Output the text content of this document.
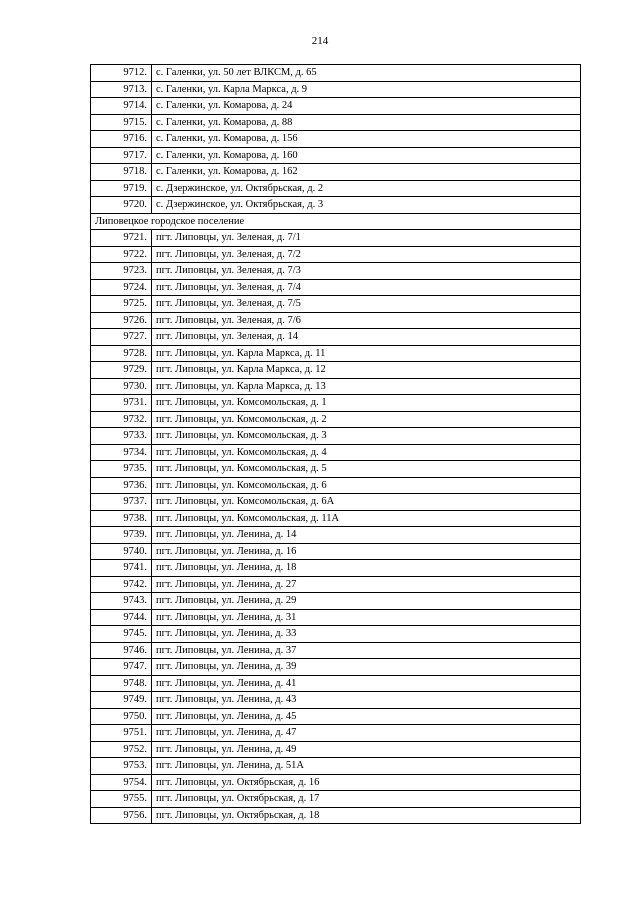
214
9712.	с. Галенки, ул. 50 лет ВЛКСМ, д. 65
9713.	с. Галенки, ул. Карла Маркса, д. 9
9714.	с. Галенки, ул. Комарова, д. 24
9715.	с. Галенки, ул. Комарова, д. 88
9716.	с. Галенки, ул. Комарова, д. 156
9717.	с. Галенки, ул. Комарова, д. 160
9718.	с. Галенки, ул. Комарова, д. 162
9719.	с. Дзержинское, ул. Октябрьская, д. 2
9720.	с. Дзержинское, ул. Октябрьская, д. 3
Липовецкое городское поселение	
9721.	пгт. Липовцы, ул. Зеленая, д. 7/1
9722.	пгт. Липовцы, ул. Зеленая, д. 7/2
9723.	пгт. Липовцы, ул. Зеленая, д. 7/3
9724.	пгт. Липовцы, ул. Зеленая, д. 7/4
9725.	пгт. Липовцы, ул. Зеленая, д. 7/5
9726.	пгт. Липовцы, ул. Зеленая, д. 7/6
9727.	пгт. Липовцы, ул. Зеленая, д. 14
9728.	пгт. Липовцы, ул. Карла Маркса, д. 11
9729.	пгт. Липовцы, ул. Карла Маркса, д. 12
9730.	пгт. Липовцы, ул. Карла Маркса, д. 13
9731.	пгт. Липовцы, ул. Комсомольская, д. 1
9732.	пгт. Липовцы, ул. Комсомольская, д. 2
9733.	пгт. Липовцы, ул. Комсомольская, д. 3
9734.	пгт. Липовцы, ул. Комсомольская, д. 4
9735.	пгт. Липовцы, ул. Комсомольская, д. 5
9736.	пгт. Липовцы, ул. Комсомольская, д. 6
9737.	пгт. Липовцы, ул. Комсомольская, д. 6А
9738.	пгт. Липовцы, ул. Комсомольская, д. 11А
9739.	пгт. Липовцы, ул. Ленина, д. 14
9740.	пгт. Липовцы, ул. Ленина, д. 16
9741.	пгт. Липовцы, ул. Ленина, д. 18
9742.	пгт. Липовцы, ул. Ленина, д. 27
9743.	пгт. Липовцы, ул. Ленина, д. 29
9744.	пгт. Липовцы, ул. Ленина, д. 31
9745.	пгт. Липовцы, ул. Ленина, д. 33
9746.	пгт. Липовцы, ул. Ленина, д. 37
9747.	пгт. Липовцы, ул. Ленина, д. 39
9748.	пгт. Липовцы, ул. Ленина, д. 41
9749.	пгт. Липовцы, ул. Ленина, д. 43
9750.	пгт. Липовцы, ул. Ленина, д. 45
9751.	пгт. Липовцы, ул. Ленина, д. 47
9752.	пгт. Липовцы, ул. Ленина, д. 49
9753.	пгт. Липовцы, ул. Ленина, д. 51А
9754.	пгт. Липовцы, ул. Октябрьская, д. 16
9755.	пгт. Липовцы, ул. Октябрьская, д. 17
9756.	пгт. Липовцы, ул. Октябрьская, д. 18
